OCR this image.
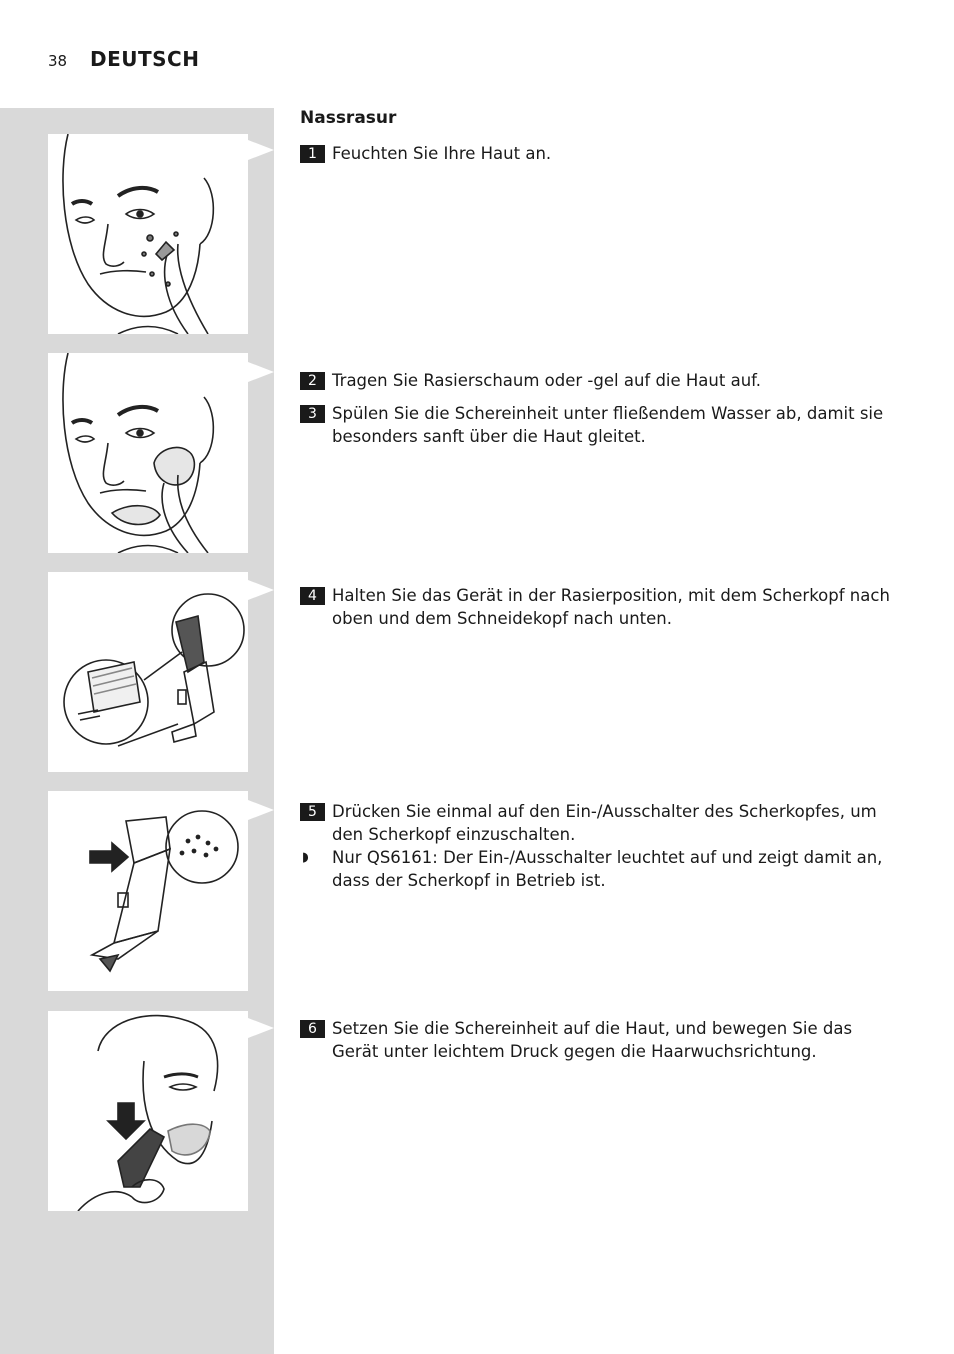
38 DEUTSCH
Nassrasur
1 Feuchten Sie Ihre Haut an.
2 Tragen Sie Rasierschaum oder -gel auf die Haut auf.
3 Spülen Sie die Schereinheit unter fließendem Wasser ab, damit sie besonders sanft über die Haut gleitet.
4 Halten Sie das Gerät in der Rasierposition, mit dem Scherkopf nach oben und dem Schneidekopf nach unten.
5 Drücken Sie einmal auf den Ein-/Ausschalter des Scherkopfes, um den Scherkopf einzuschalten.
◗ Nur QS6161: Der Ein-/Ausschalter leuchtet auf und zeigt damit an, dass der Scherkopf in Betrieb ist.
6 Setzen Sie die Schereinheit auf die Haut, und bewegen Sie das Gerät unter leichtem Druck gegen die Haarwuchsrichtung.
